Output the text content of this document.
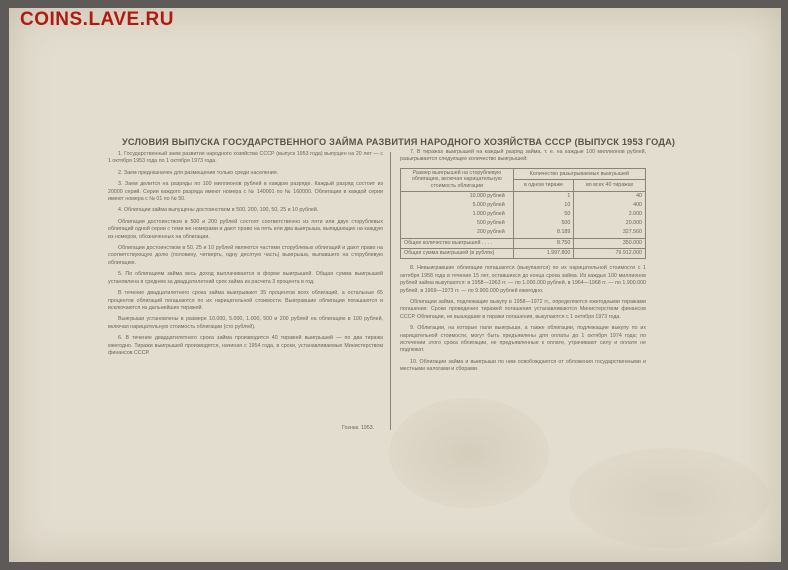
COINS.LAVE.RU
УСЛОВИЯ ВЫПУСКА ГОСУДАРСТВЕННОГО ЗАЙМА РАЗВИТИЯ НАРОДНОГО ХОЗЯЙСТВА СССР (ВЫПУСК 1953 ГОДА)

1. Государственный заем развития народного хозяйства СССР (выпуск 1953 года) выпущен на 20 лет — с 1 октября 1953 года по 1 октября 1973 года.

2. Заем предназначен для размещения только среди населения.

3. Заем делится на разряды по 100 миллионов рублей в каждом разряде. Каждый разряд состоит из 20000 серий. Серии каждого разряда имеют номера с № 140001 по № 160000. Облигации в каждой серии имеют номера с № 01 по № 50.

4. Облигации займа выпущены достоинством в 500, 200, 100, 50, 25 и 10 рублей.

Облигации достоинством в 500 и 200 рублей состоят соответственно из пяти или двух сторублевых облигаций одной серии с теми же номерами и дают право на пять или два выигрыша, выпадающих на каждую из номеров, обозначенных на облигации.

Облигации достоинством в 50, 25 и 10 рублей являются частями сторублевых облигаций и дают право на соответствующую долю (половину, четверть, одну десятую часть) выигрыша, выпавшего на сторублевую облигацию.

5. По облигациям займа весь доход выплачивается в форме выигрышей. Общая сумма выигрышей установлена в среднем за двадцатилетний срок займа из расчета 3 процента в год.

В течение двадцатилетнего срока займа выигрывают 35 процентов всех облигаций, а остальные 65 процентов облигаций погашаются по их нарицательной стоимости. Выигравшие облигации погашаются и исключаются из дальнейших тиражей.

Выигрыши установлены в размере 10.000, 5.000, 1.000, 500 и 200 рублей на облигацию в 100 рублей, включая нарицательную стоимость облигации (сто рублей).

6. В течение двадцатилетнего срока займа производится 40 тиражей выигрышей — по два тиража ежегодно. Тиражи выигрышей производятся, начиная с 1954 года, в сроки, устанавливаемые Министерством финансов СССР.

7. В тиражах выигрышей на каждый разряд займа, т. е. на каждые 100 миллионов рублей, разыгрывается следующее количество выигрышей:

Размер выигрышей на сторублевую облигацию, включая нарицательную стоимость облигации	Количество разыгрываемых выигрышей	
	в одном тираже	во всех 40 тиражах
10.000 рублей	1	40
5.000 рублей	10	400
1.000 рублей	50	2.000
500 рублей	500	20.000
200 рублей	8.189	327.560
Общее количество выигрышей . . . .	8.750	350.000
Общая сумма выигрышей (в рублях)	1.997.800	79.912.000

8. Невыигравшие облигации погашаются (выкупаются) по их нарицательной стоимости с 1 октября 1958 года в течение 15 лет, оставшихся до конца срока займа. Из каждых 100 миллионов рублей займа выкупаются: в 1958—1963 гг. — по 1.000.000 рублей, в 1964—1968 гг. — по 1.900.000 рублей, в 1969—1973 гг. — по 9.900.000 рублей ежегодно.

Облигации займа, подлежащие выкупу в 1958—1972 гг., определяются ежегодными тиражами погашения. Сроки проведения тиражей погашения устанавливаются Министерством финансов СССР. Облигации, не вышедшие в тиражи погашения, выкупаются с 1 октября 1973 года.

9. Облигации, на которые пали выигрыши, а также облигации, подлежащие выкупу по их нарицательной стоимости, могут быть предъявлены для оплаты до 1 октября 1974 года; по истечении этого срока облигации, не предъявленные к оплате, утрачивают силу и оплате не подлежат.

10. Облигации займа и выигрыши по ним освобождаются от обложения государственными и местными налогами и сборами.

Гознак. 1953.
